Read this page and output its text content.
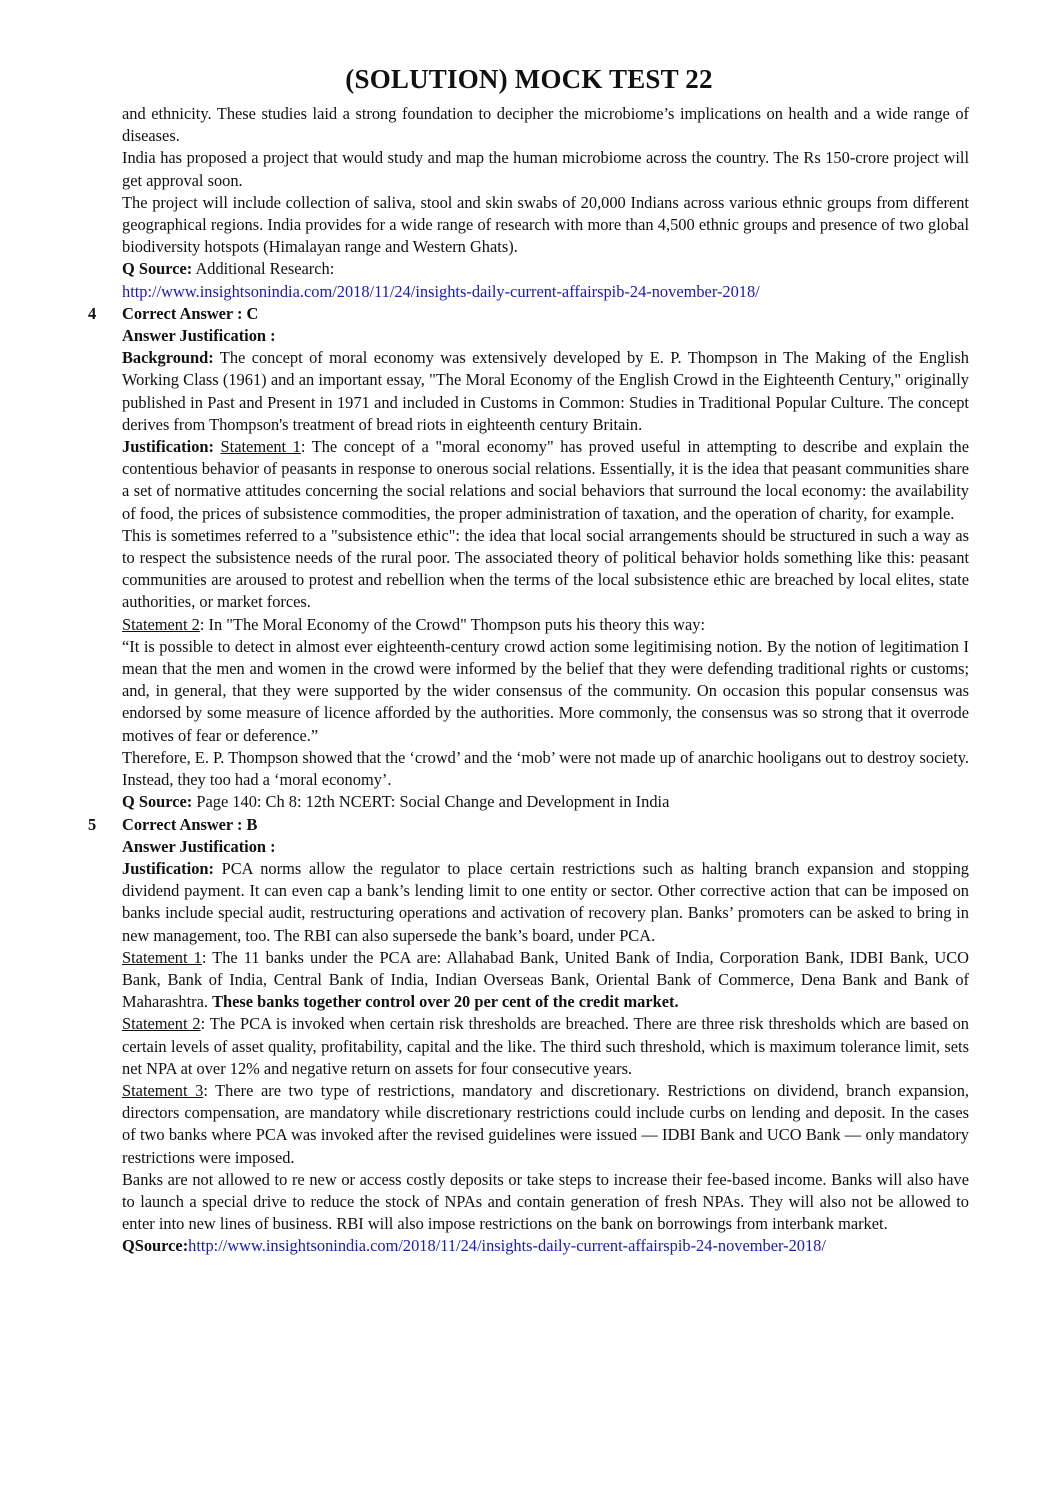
(SOLUTION) MOCK TEST 22

and ethnicity. These studies laid a strong foundation to decipher the microbiome’s implications on health and a wide range of diseases.

India has proposed a project that would study and map the human microbiome across the country. The Rs 150-crore project will get approval soon.

The project will include collection of saliva, stool and skin swabs of 20,000 Indians across various ethnic groups from different geographical regions. India provides for a wide range of research with more than 4,500 ethnic groups and presence of two global biodiversity hotspots (Himalayan range and Western Ghats).

Q Source: Additional Research:

http://www.insightsonindia.com/2018/11/24/insights-daily-current-affairspib-24-november-2018/

4 Correct Answer : C

Answer Justification :

Background: The concept of moral economy was extensively developed by E. P. Thompson in The Making of the English Working Class (1961) and an important essay, "The Moral Economy of the English Crowd in the Eighteenth Century," originally published in Past and Present in 1971 and included in Customs in Common: Studies in Traditional Popular Culture. The concept derives from Thompson's treatment of bread riots in eighteenth century Britain.

Justification: Statement 1: The concept of a "moral economy" has proved useful in attempting to describe and explain the contentious behavior of peasants in response to onerous social relations. Essentially, it is the idea that peasant communities share a set of normative attitudes concerning the social relations and social behaviors that surround the local economy: the availability of food, the prices of subsistence commodities, the proper administration of taxation, and the operation of charity, for example.

This is sometimes referred to a "subsistence ethic": the idea that local social arrangements should be structured in such a way as to respect the subsistence needs of the rural poor. The associated theory of political behavior holds something like this: peasant communities are aroused to protest and rebellion when the terms of the local subsistence ethic are breached by local elites, state authorities, or market forces.

Statement 2: In "The Moral Economy of the Crowd" Thompson puts his theory this way:

“It is possible to detect in almost ever eighteenth-century crowd action some legitimising notion. By the notion of legitimation I mean that the men and women in the crowd were informed by the belief that they were defending traditional rights or customs; and, in general, that they were supported by the wider consensus of the community. On occasion this popular consensus was endorsed by some measure of licence afforded by the authorities. More commonly, the consensus was so strong that it overrode motives of fear or deference.”

Therefore, E. P. Thompson showed that the ‘crowd’ and the ‘mob’ were not made up of anarchic hooligans out to destroy society. Instead, they too had a ‘moral economy’.

Q Source: Page 140: Ch 8: 12th NCERT: Social Change and Development in India

5 Correct Answer : B

Answer Justification :

Justification: PCA norms allow the regulator to place certain restrictions such as halting branch expansion and stopping dividend payment. It can even cap a bank’s lending limit to one entity or sector. Other corrective action that can be imposed on banks include special audit, restructuring operations and activation of recovery plan. Banks’ promoters can be asked to bring in new management, too. The RBI can also supersede the bank’s board, under PCA.

Statement 1: The 11 banks under the PCA are: Allahabad Bank, United Bank of India, Corporation Bank, IDBI Bank, UCO Bank, Bank of India, Central Bank of India, Indian Overseas Bank, Oriental Bank of Commerce, Dena Bank and Bank of Maharashtra. These banks together control over 20 per cent of the credit market.

Statement 2: The PCA is invoked when certain risk thresholds are breached. There are three risk thresholds which are based on certain levels of asset quality, profitability, capital and the like. The third such threshold, which is maximum tolerance limit, sets net NPA at over 12% and negative return on assets for four consecutive years.

Statement 3: There are two type of restrictions, mandatory and discretionary. Restrictions on dividend, branch expansion, directors compensation, are mandatory while discretionary restrictions could include curbs on lending and deposit. In the cases of two banks where PCA was invoked after the revised guidelines were issued — IDBI Bank and UCO Bank — only mandatory restrictions were imposed.

Banks are not allowed to re new or access costly deposits or take steps to increase their fee-based income. Banks will also have to launch a special drive to reduce the stock of NPAs and contain generation of fresh NPAs. They will also not be allowed to enter into new lines of business. RBI will also impose restrictions on the bank on borrowings from interbank market.

QSource:http://www.insightsonindia.com/2018/11/24/insights-daily-current-affairspib-24-november-2018/
